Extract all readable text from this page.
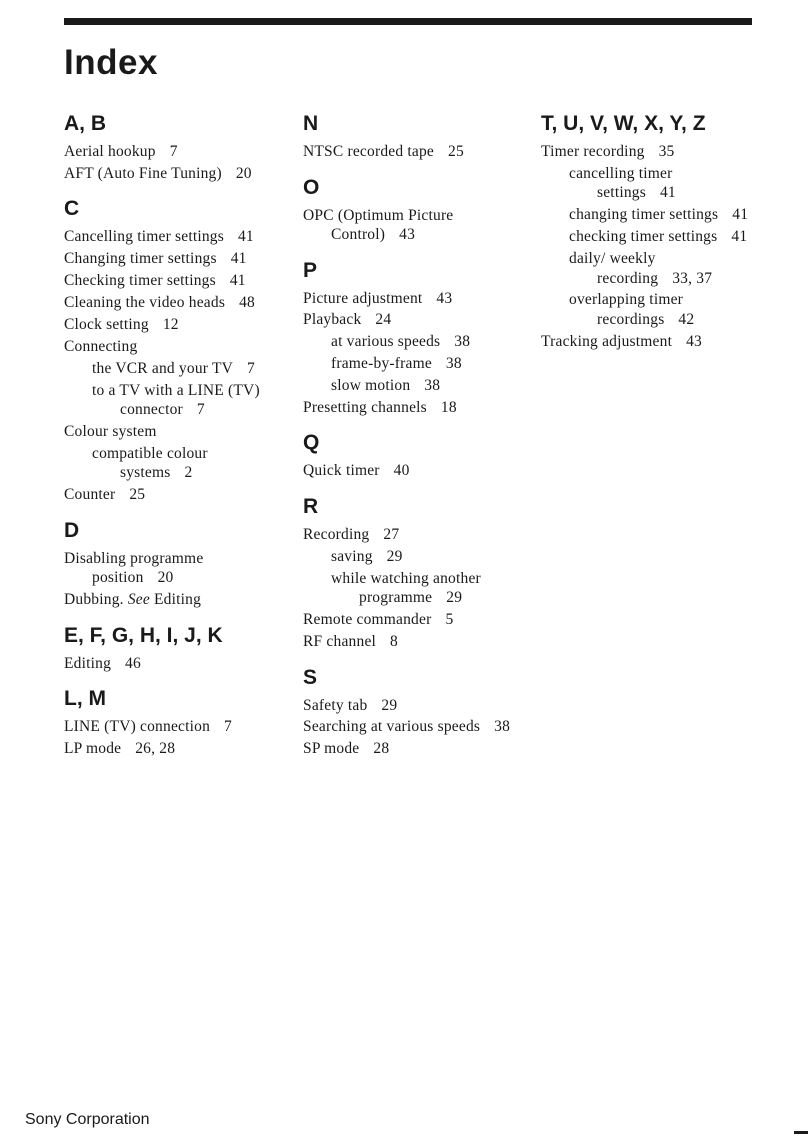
Index
A, B
Aerial hookup 7
AFT (Auto Fine Tuning) 20
C
Cancelling timer settings 41
Changing timer settings 41
Checking timer settings 41
Cleaning the video heads 48
Clock setting 12
Connecting
the VCR and your TV 7
to a TV with a LINE (TV) connector 7
Colour system
compatible colour systems 2
Counter 25
D
Disabling programme position 20
Dubbing. See Editing
E, F, G, H, I, J, K
Editing 46
L, M
LINE (TV) connection 7
LP mode 26, 28
N
NTSC recorded tape 25
O
OPC (Optimum Picture Control) 43
P
Picture adjustment 43
Playback 24
at various speeds 38
frame-by-frame 38
slow motion 38
Presetting channels 18
Q
Quick timer 40
R
Recording 27
saving 29
while watching another programme 29
Remote commander 5
RF channel 8
S
Safety tab 29
Searching at various speeds 38
SP mode 28
T, U, V, W, X, Y, Z
Timer recording 35
cancelling timer settings 41
changing timer settings 41
checking timer settings 41
daily/ weekly recording 33, 37
overlapping timer recordings 42
Tracking adjustment 43
Sony Corporation
